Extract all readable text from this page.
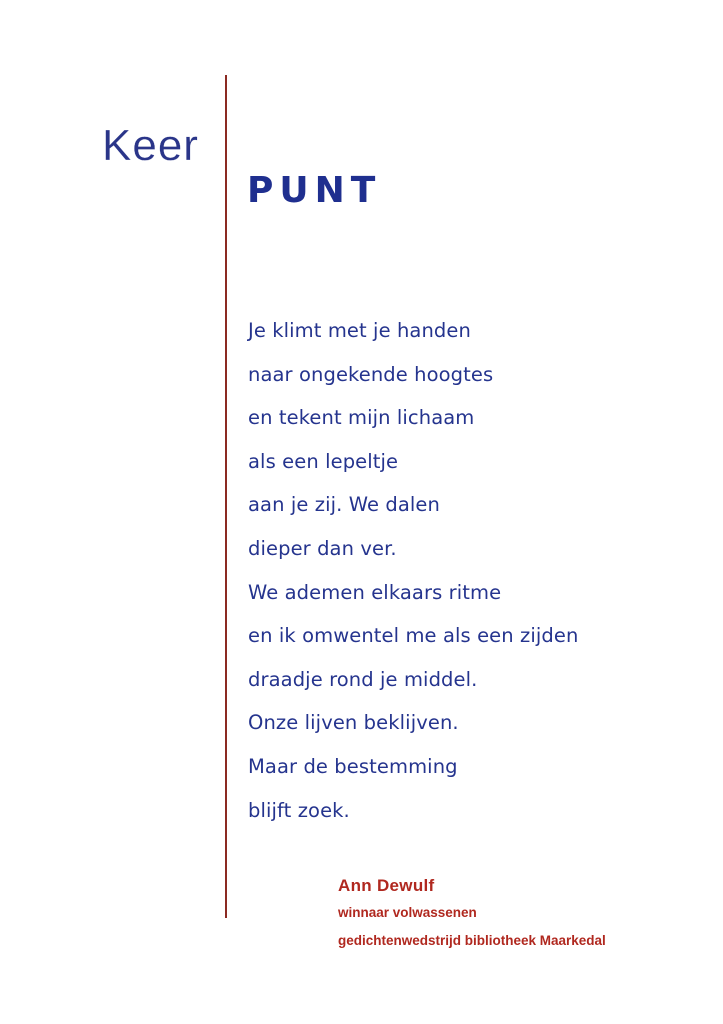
Keer
PUNT
Je klimt met je handen
naar ongekende hoogtes
en tekent mijn lichaam
als een lepeltje
aan je zij. We dalen
dieper dan ver.
We ademen elkaars ritme
en ik omwentel me als een zijden
draadje rond je middel.
Onze lijven beklijven.
Maar de bestemming
blijft zoek.
Ann Dewulf
winnaar volwassenen
gedichtenwedstrijd bibliotheek Maarkedal
